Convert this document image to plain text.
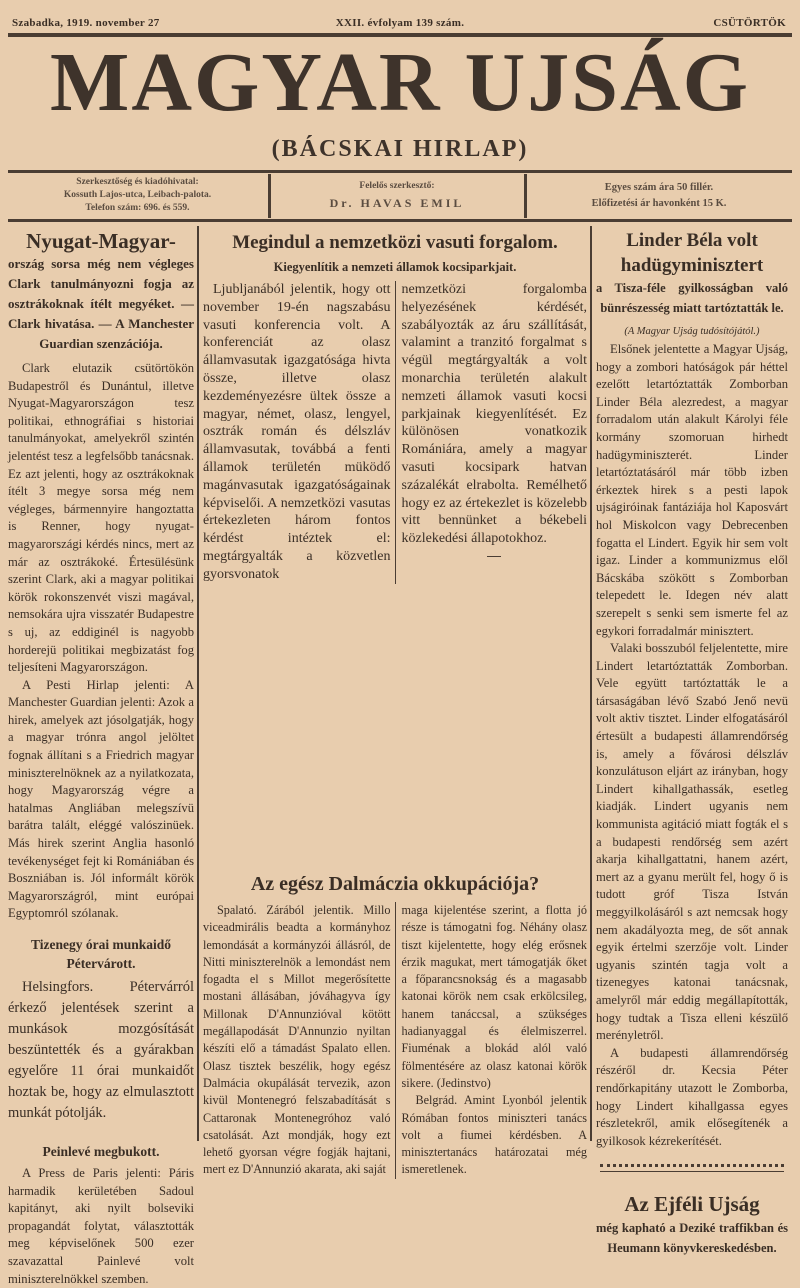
Szabadka, 1919. november 27	XXII. évfolyam 139 szám.	CSÜTÖRTÖK
MAGYAR UJSÁG
(BÁCSKAI HIRLAP)
Szerkesztőség és kiadóhivatal:
Kossuth Lajos-utca, Leibach-palota.
Telefon szám: 696. és 559.
Felelős szerkesztő:
Dr. HAVAS EMIL
Egyes szám ára 50 fillér.
Előfizetési ár havonként 15 K.
Nyugat-Magyar-
ország sorsa még nem végleges Clark tanulmányozni fogja az osztrákoknak ítélt megyéket. — Clark hivatása. — A Manchester Guardian szenzációja.

Clark elutazik csütörtökön Budapestről és Dunántul, illetve Nyugat-Magyarországon tesz politikai, ethnográfiai s historiai tanulmányokat, amelyekről szintén jelentést tesz a legfelsőbb tanácsnak. Ez azt jelenti, hogy az osztrákoknak ítélt 3 megye sorsa még nem végleges, bármennyire hangoztatta is Renner, hogy nyugat-magyarországi kérdés nincs, mert az már az osztrákoké. Értesülésünk szerint Clark, aki a magyar politikai körök rokonszenvét viszi magával, nemsokára ujra visszatér Budapestre s uj, az eddiginél is nagyobb horderejü politikai megbizatást fog teljesíteni Magyarországon.

A Pesti Hirlap jelenti: A Manchester Guardian jelenti: Azok a hirek, amelyek azt jósolgatják, hogy a magyar trónra angol jelöltet fognak állítani s a Friedrich magyar miniszterelnöknek az a nyilatkozata, hogy Magyarország végre a hatalmas Angliában melegszívü barátra talált, eléggé valószinüek. Más hirek szerint Anglia hasonló tevékenységet fejt ki Romániában és Boszniában is. Jól informált körök Magyarországról, mint európai Egyptomról szólanak.

Tizenegy órai munkaidő
Pétervárott.

Helsingfors. Pétervárról érkező jelentések szerint a munkások mozgósítását beszüntették és a gyárakban egyelőre 11 órai munkaidőt hoztak be, hogy az elmulasztott munkát pótolják.

Peinlevé megbukott.

A Press de Paris jelenti: Páris harmadik kerületében Sadoul kapitányt, aki nyilt bolseviki propagandát folytat, választották meg képviselőnek 500 ezer szavazattal Painlevé volt miniszterelnökkel szemben.

Megindul a nemzetközi vasuti forgalom.
Kiegyenlítik a nemzeti államok kocsiparkjait.

Ljubljanából jelentik, hogy ott november 19-én nagszabásu vasuti konferencia volt. A konferenciát az olasz államvasutak igazgatósága hivta össze, illetve olasz kezdeményezésre ültek össze a magyar, német, olasz, lengyel, osztrák román és délszláv államvasutak, továbbá a fenti államok területén müködő magánvasutak igazgatóságainak képviselői. A nemzetközi vasutas értekezleten három fontos kérdést intéztek el: megtárgyalták a közvetlen gyorsvonatok

nemzetközi forgalomba helyezésének kérdését, szabályozták az áru szállítását, valamint a tranzitó forgalmat s végül megtárgyalták a volt monarchia területén alakult nemzeti államok vasuti kocsi parkjainak kiegyenlítését. Ez különösen vonatkozik Romániára, amely a magyar vasuti kocsipark hatvan százalékát elrabolta. Remélhető hogy ez az értekezlet is közelebb vitt bennünket a békebeli közlekedési állapotokhoz.

Az egész Dalmáczia okkupációja?

Spalató. Zárából jelentik. Millo viceadmirális beadta a kormányhoz lemondását a kormányzói állásról, de Nitti miniszterelnök a lemondást nem fogadta el s Millot megerősítette mostani állásában, jóváhagyva így Millonak D'Annunzióval kötött megállapodását D'Annunzio nyiltan készíti elő a támadást Spalato ellen. Olasz tisztek beszélik, hogy egész Dalmácia okupálását tervezik, azon kivül Montenegró felszabadítását s Cattaronak Montenegróhoz való csatolását. Azt mondják, hogy ezt lehető gyorsan végre fogják hajtani, mert ez D'Annunzió akarata, aki saját

maga kijelentése szerint, a flotta jó része is támogatni fog. Néhány olasz tiszt kijelentette, hogy elég erősnek érzik magukat, mert támogatják őket a főparancsnokság és a magasabb katonai körök nem csak erkölcsileg, hanem tanáccsal, a szükséges hadianyaggal és élelmiszerrel. Fiuménak a blokád alól való fölmentésére az olasz katonai körök sikere. (Jedinstvo)

Belgrád. Amint Lyonból jelentik Rómában fontos miniszteri tanács volt a fiumei kérdésben. A minisztertanács határozatai még ismeretlenek.

Linder Béla volt hadügyminisztert
a Tisza-féle gyilkosságban való bünrészesség miatt tartóztatták le.
(A Magyar Ujság tudósítójától.)

Elsőnek jelentette a Magyar Ujság, hogy a zombori hatóságok pár héttel ezelőtt letartóztatták Zomborban Linder Béla alezredest, a magyar forradalom után alakult Károlyi féle kormány szomoruan hirhedt hadügyminiszterét. Linder letartóztatásáról már több izben érkeztek hirek s a pesti lapok ujságiróinak fantáziája hol Kaposvárt hol Miskolcon vagy Debrecenben fogatta el Lindert. Egyik hir sem volt igaz. Linder a kommunizmus elől Bácskába szökött s Zomborban telepedett le. Idegen név alatt szerepelt s senki sem ismerte fel az egykori forradalmár minisztert.

Valaki bosszuból feljelentette, mire Lindert letartóztatták Zomborban. Vele együtt tartóztatták le a társaságában lévő Szabó Jenő nevü volt aktiv tisztet. Linder elfogatásáról értesült a budapesti államrendőrség is, amely a fővárosi délszláv konzulátuson eljárt az irányban, hogy Lindert kihallgathassák, esetleg kiadják. Lindert ugyanis nem kommunista agitáció miatt fogták el s a budapesti rendőrség sem azért akarja kihallgattatni, hanem azért, mert az a gyanu merült fel, hogy ő is tudott gróf Tisza István meggyilkolásáról s azt nemcsak hogy nem akadályozta meg, de sőt annak egyik értelmi szerzője volt. Linder ugyanis szintén tagja volt a tizenegyes katonai tanácsnak, amelyről már eddig megállapították, hogy tudtak a Tisza elleni készülő merényletről.

A budapesti államrendőrség részéről dr. Kecsia Péter rendőrkapitány utazott le Zomborba, hogy Lindert kihallgassa egyes részletekről, amik elősegítenék a gyilkosok kézrekerítését.

Az Ejféli Ujság
még kapható a Deziké traffikban és Heumann könyvkereskedésben.
